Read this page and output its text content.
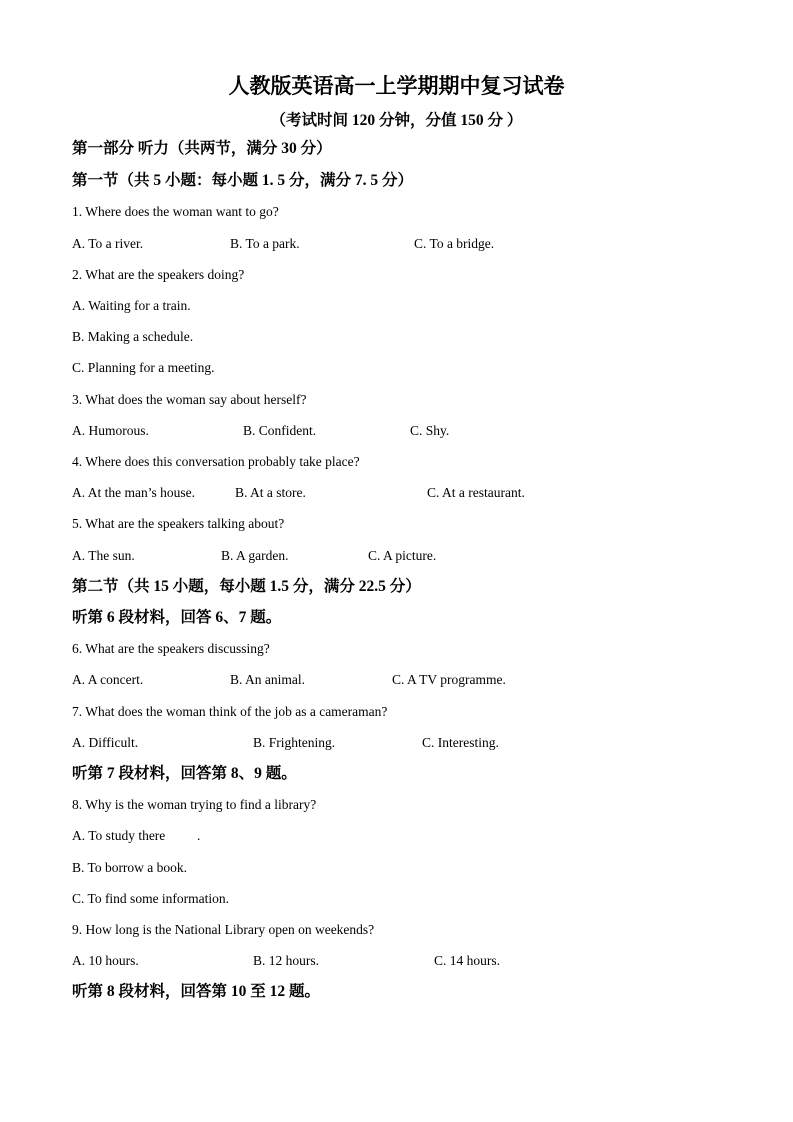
人教版英语高一上学期期中复习试卷
（考试时间 120 分钟，分值 150 分 ）
第一部分 听力（共两节，满分 30 分）
第一节（共 5 小题：每小题 1. 5 分，满分 7. 5 分）
1. Where does the woman want to go?
A. To a river.	B. To a park.	C. To a bridge.
2. What are the speakers doing?
A. Waiting for a train.
B. Making a schedule.
C. Planning for a meeting.
3. What does the woman say about herself?
A. Humorous.	B. Confident.	C. Shy.
4. Where does this conversation probably take place?
A. At the man’s house.	B. At a store.	C. At a restaurant.
5. What are the speakers talking about?
A. The sun.	B. A garden.	C. A picture.
第二节（共 15 小题，每小题 1.5 分，满分 22.5 分）
听第 6 段材料，回答 6、7 题。
6. What are the speakers discussing?
A. A concert.	B. An animal.	C. A TV programme.
7. What does the woman think of the job as a cameraman?
A. Difficult.	B. Frightening.	C. Interesting.
听第 7 段材料，回答第 8、9 题。
8. Why is the woman trying to find a library?
A. To study there .
B. To borrow a book.
C. To find some information.
9. How long is the National Library open on weekends?
A. 10 hours.	B. 12 hours.	C. 14 hours.
听第 8 段材料，回答第 10 至 12 题。
